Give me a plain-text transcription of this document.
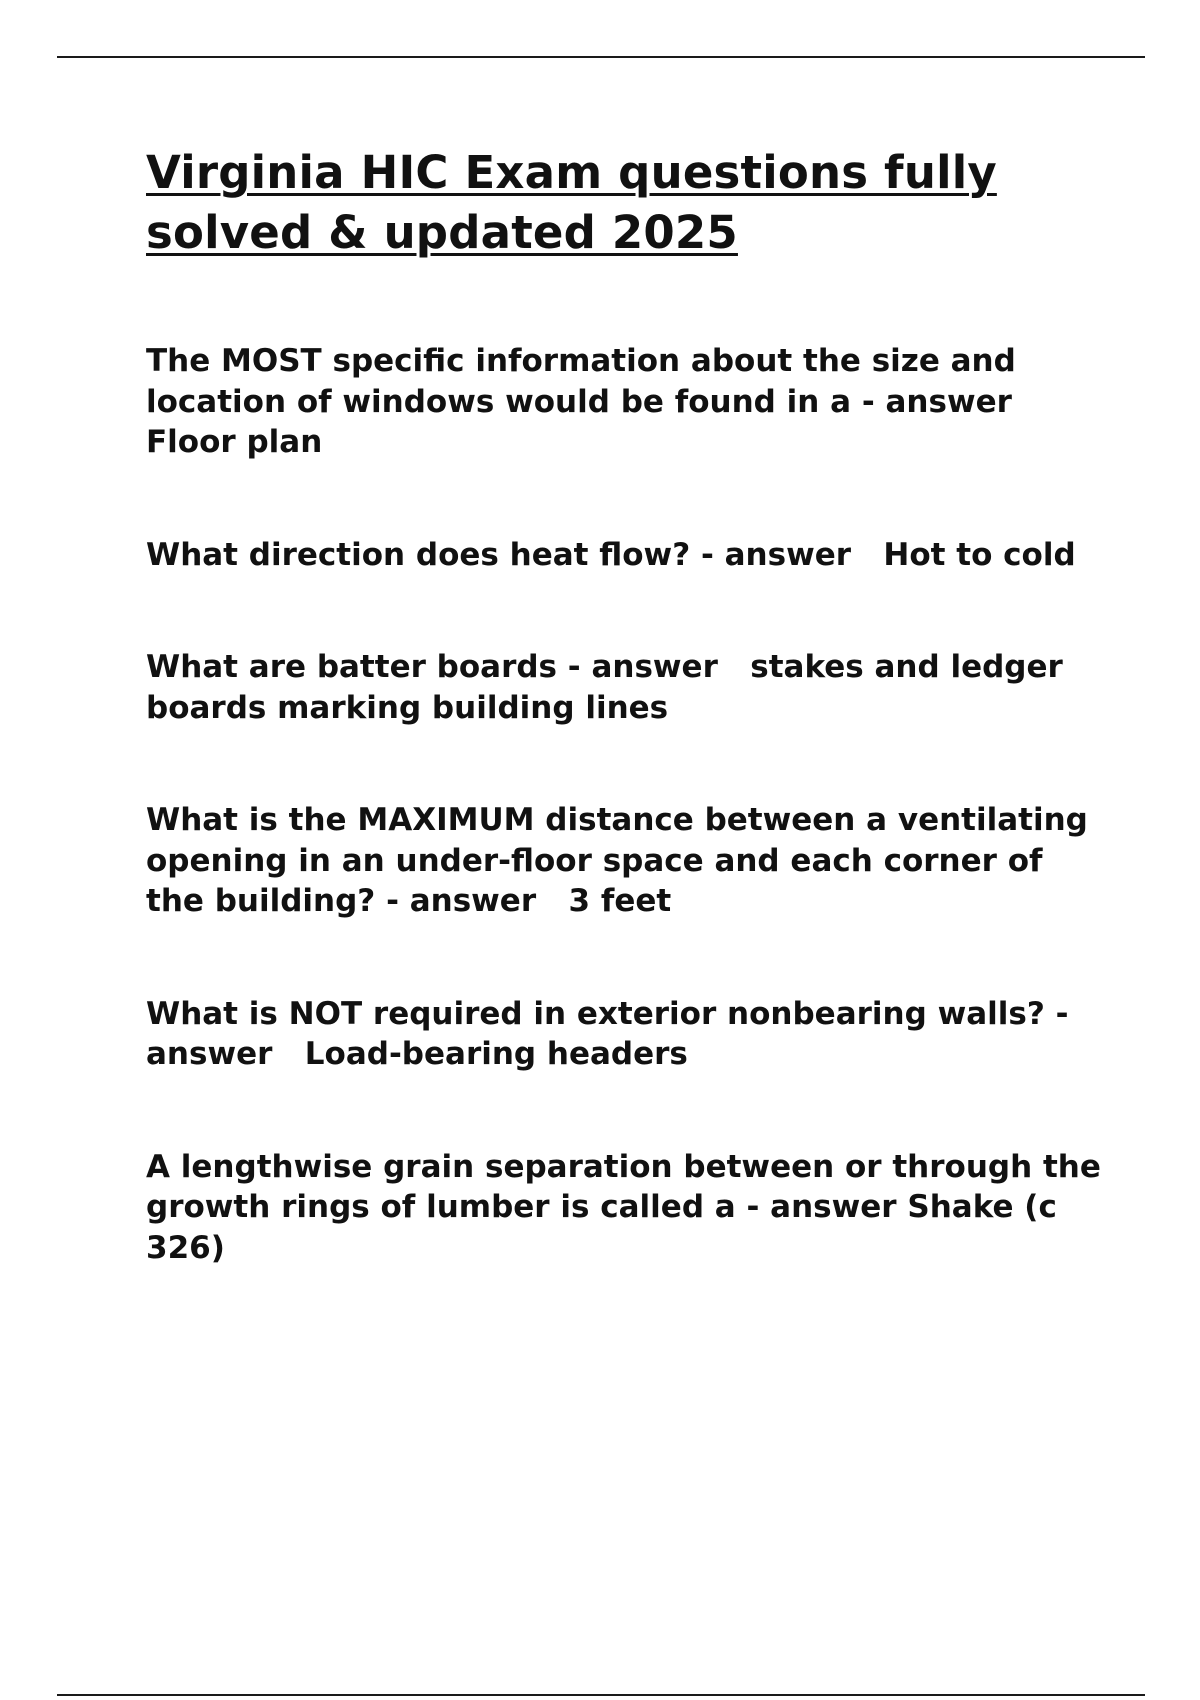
Virginia HIC Exam questions fully solved & updated 2025

The MOST specific information about the size and location of windows would be found in a - answer Floor plan

What direction does heat flow? - answer   Hot to cold

What are batter boards - answer   stakes and ledger boards marking building lines

What is the MAXIMUM distance between a ventilating opening in an under-floor space and each corner of the building? - answer   3 feet

What is NOT required in exterior nonbearing walls? - answer   Load-bearing headers

A lengthwise grain separation between or through the growth rings of lumber is called a - answer Shake (c 326)
